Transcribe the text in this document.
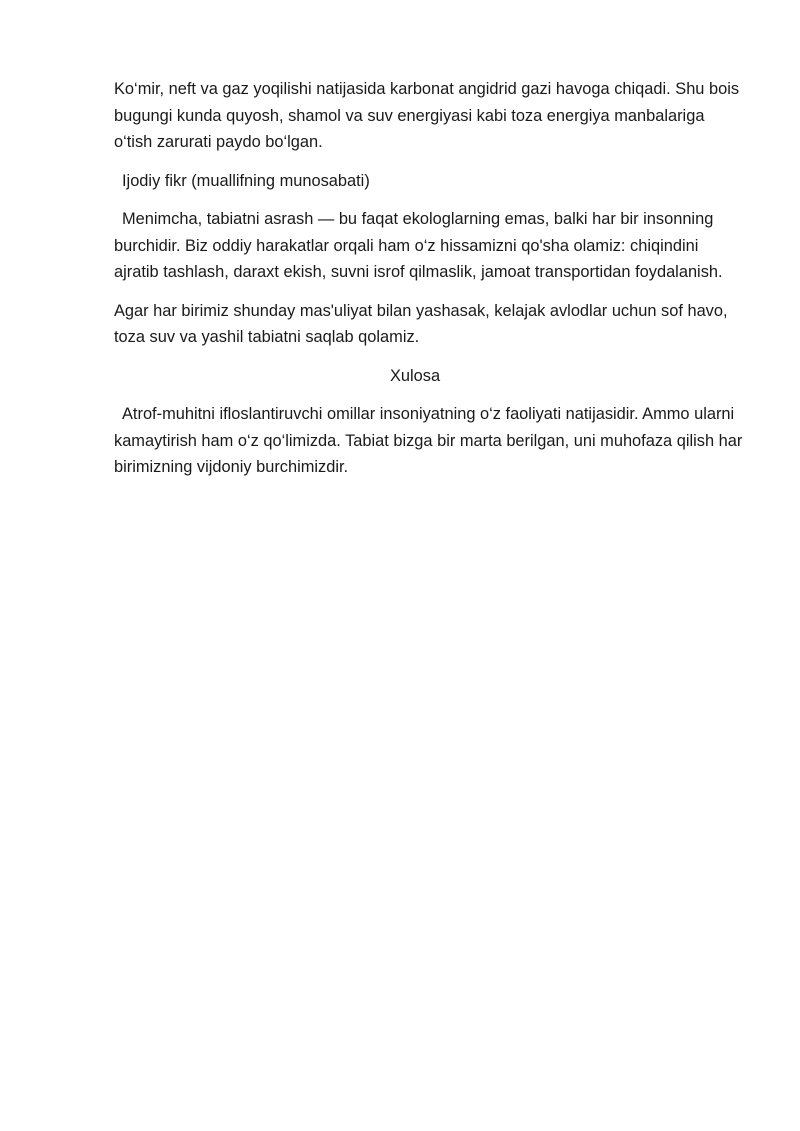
Ko‘mir, neft va gaz yoqilishi natijasida karbonat angidrid gazi havoga chiqadi. Shu bois bugungi kunda quyosh, shamol va suv energiyasi kabi toza energiya manbalariga o‘tish zarurati paydo bo‘lgan.

Ijodiy fikr (muallifning munosabati)

Menimcha, tabiatni asrash — bu faqat ekologlarning emas, balki har bir insonning burchidir. Biz oddiy harakatlar orqali ham o‘z hissamizni qo'sha olamiz: chiqindini ajratib tashlash, daraxt ekish, suvni isrof qilmaslik, jamoat transportidan foydalanish.

Agar har birimiz shunday mas'uliyat bilan yashasak, kelajak avlodlar uchun sof havo, toza suv va yashil tabiatni saqlab qolamiz.

Xulosa

Atrof-muhitni ifloslantiruvchi omillar insoniyatning o‘z faoliyati natijasidir. Ammo ularni kamaytirish ham o‘z qo‘limizda. Tabiat bizga bir marta berilgan, uni muhofaza qilish har birimizning vijdoniy burchimizdir.
